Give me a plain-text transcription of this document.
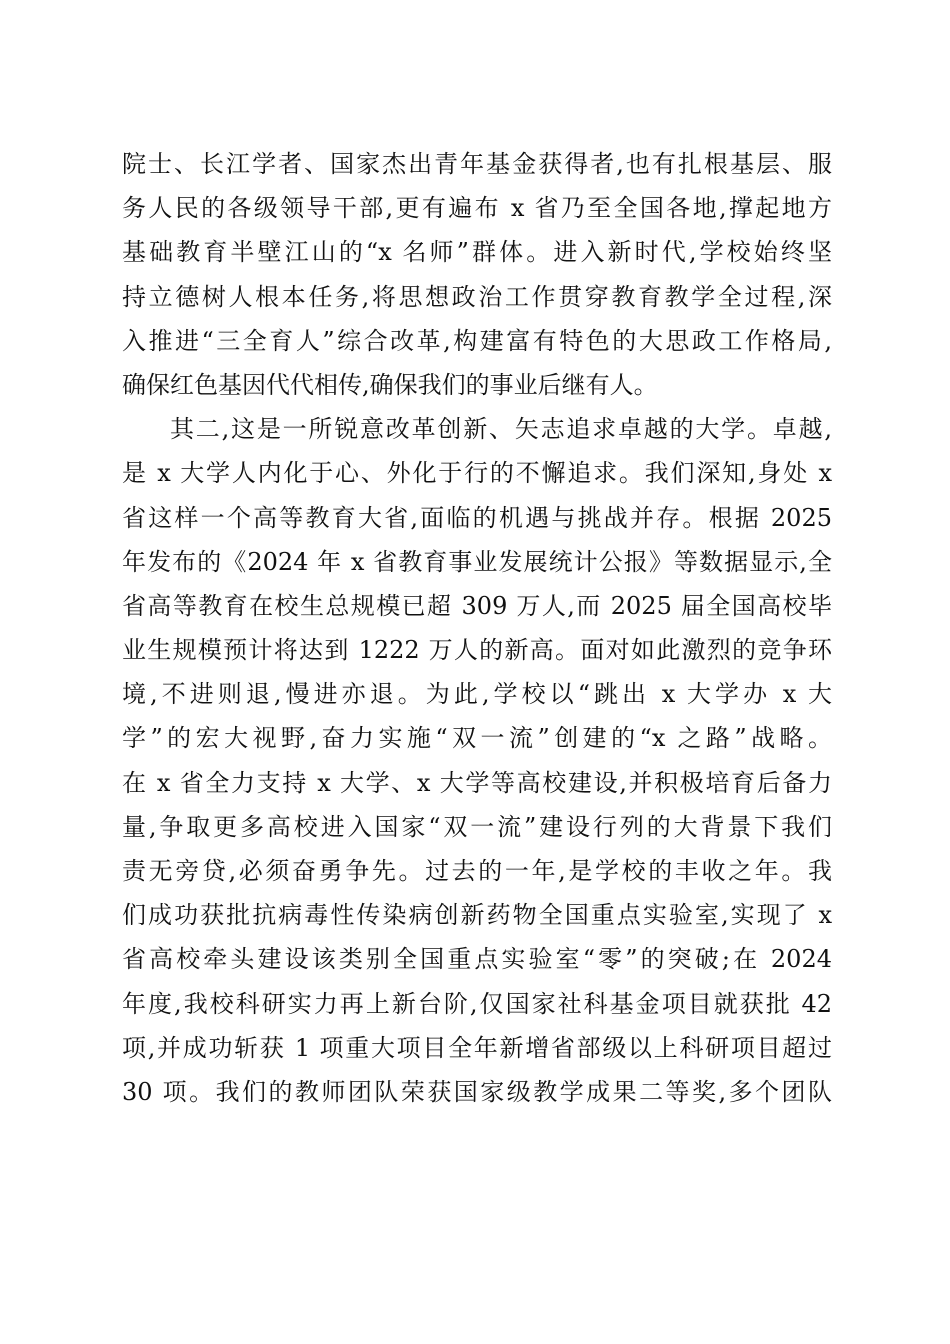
院士、长江学者、国家杰出青年基金获得者,也有扎根基层、服
务人民的各级领导干部,更有遍布 x 省乃至全国各地,撑起地方
基础教育半壁江山的“x 名师”群体。进入新时代,学校始终坚
持立德树人根本任务,将思想政治工作贯穿教育教学全过程,深
入推进“三全育人”综合改革,构建富有特色的大思政工作格局,
确保红色基因代代相传,确保我们的事业后继有人。
其二,这是一所锐意改革创新、矢志追求卓越的大学。卓越,
是 x 大学人内化于心、外化于行的不懈追求。我们深知,身处 x
省这样一个高等教育大省,面临的机遇与挑战并存。根据 2025
年发布的《2024 年 x 省教育事业发展统计公报》等数据显示,全
省高等教育在校生总规模已超 309 万人,而 2025 届全国高校毕
业生规模预计将达到 1222 万人的新高。面对如此激烈的竞争环
境,不进则退,慢进亦退。为此,学校以“跳出 x 大学办 x 大
学”的宏大视野,奋力实施“双一流”创建的“x 之路”战略。
在 x 省全力支持 x 大学、x 大学等高校建设,并积极培育后备力
量,争取更多高校进入国家“双一流”建设行列的大背景下我们
责无旁贷,必须奋勇争先。过去的一年,是学校的丰收之年。我
们成功获批抗病毒性传染病创新药物全国重点实验室,实现了 x
省高校牵头建设该类别全国重点实验室“零”的突破;在 2024
年度,我校科研实力再上新台阶,仅国家社科基金项目就获批 42
项,并成功斩获 1 项重大项目全年新增省部级以上科研项目超过
30 项。我们的教师团队荣获国家级教学成果二等奖,多个团队
